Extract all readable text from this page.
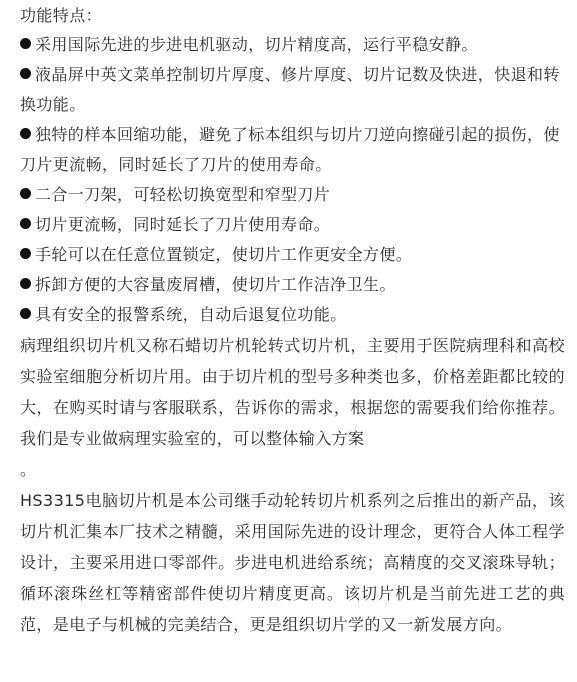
功能特点：
采用国际先进的步进电机驱动，切片精度高，运行平稳安静。
液晶屏中英文菜单控制切片厚度、修片厚度、切片记数及快进，快退和转换功能。
独特的样本回缩功能，避免了标本组织与切片刀逆向擦碰引起的损伤，使刀片更流畅，同时延长了刀片的使用寿命。
二合一刀架，可轻松切换宽型和窄型刀片
切片更流畅，同时延长了刀片使用寿命。
手轮可以在任意位置锁定，使切片工作更安全方便。
拆卸方便的大容量废屑槽，使切片工作洁净卫生。
具有安全的报警系统，自动后退复位功能。

病理组织切片机又称石蜡切片机轮转式切片机，主要用于医院病理科和高校实验室细胞分析切片用。由于切片机的型号多种类也多，价格差距都比较的大，在购买时请与客服联系，告诉你的需求，根据您的需要我们给你推荐。我们是专业做病理实验室的，可以整体输入方案
。

HS3315电脑切片机是本公司继手动轮转切片机系列之后推出的新产品，该切片机汇集本厂技术之精髓，采用国际先进的设计理念，更符合人体工程学设计，主要采用进口零部件。步进电机进给系统；高精度的交叉滚珠导轨；循环滚珠丝杠等精密部件使切片精度更高。该切片机是当前先进工艺的典范，是电子与机械的完美结合，更是组织切片学的又一新发展方向。
